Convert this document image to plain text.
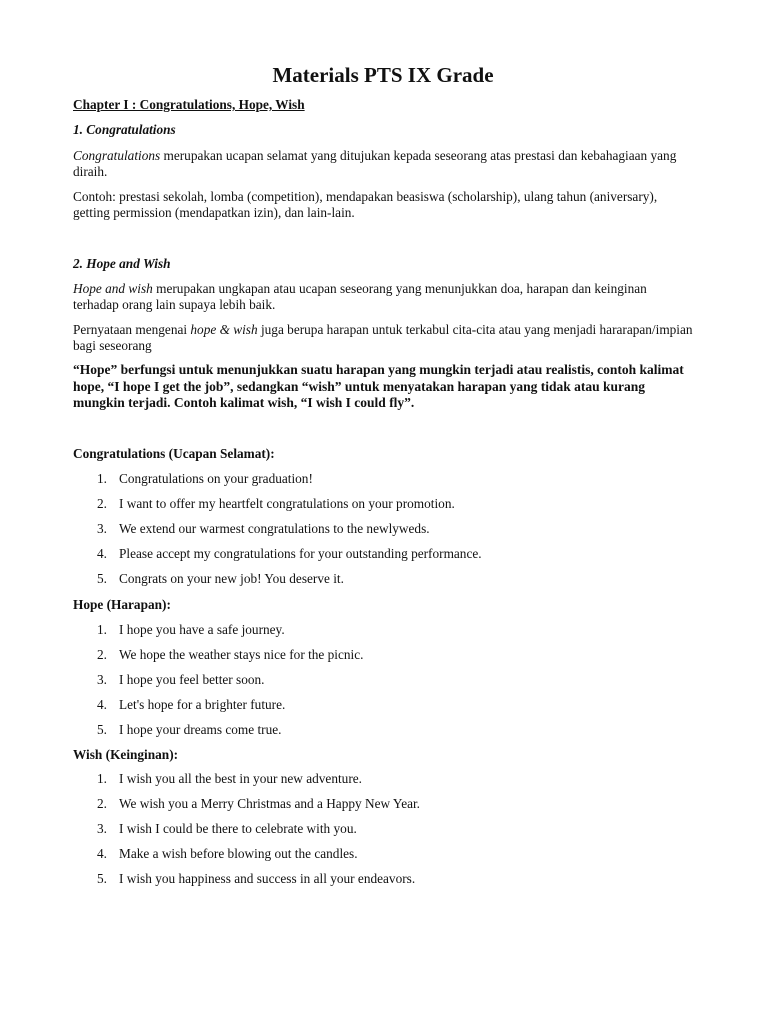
Materials PTS IX Grade

Chapter I : Congratulations, Hope, Wish

1. Congratulations

Congratulations merupakan ucapan selamat yang ditujukan kepada seseorang atas prestasi dan kebahagiaan yang diraih.

Contoh: prestasi sekolah, lomba (competition), mendapakan beasiswa (scholarship), ulang tahun (aniversary), getting permission (mendapatkan izin), dan lain-lain.

2. Hope and Wish

Hope and wish merupakan ungkapan atau ucapan seseorang yang menunjukkan doa, harapan dan keinginan terhadap orang lain supaya lebih baik.

Pernyataan mengenai hope & wish juga berupa harapan untuk terkabul cita-cita atau yang menjadi hararapan/impian bagi seseorang

“Hope” berfungsi untuk menunjukkan suatu harapan yang mungkin terjadi atau realistis, contoh kalimat hope, “I hope I get the job”, sedangkan “wish” untuk menyatakan harapan yang tidak atau kurang mungkin terjadi. Contoh kalimat wish, “I wish I could fly”.

Congratulations (Ucapan Selamat):

1. Congratulations on your graduation!
2. I want to offer my heartfelt congratulations on your promotion.
3. We extend our warmest congratulations to the newlyweds.
4. Please accept my congratulations for your outstanding performance.
5. Congrats on your new job! You deserve it.

Hope (Harapan):

1. I hope you have a safe journey.
2. We hope the weather stays nice for the picnic.
3. I hope you feel better soon.
4. Let's hope for a brighter future.
5. I hope your dreams come true.

Wish (Keinginan):

1. I wish you all the best in your new adventure.
2. We wish you a Merry Christmas and a Happy New Year.
3. I wish I could be there to celebrate with you.
4. Make a wish before blowing out the candles.
5. I wish you happiness and success in all your endeavors.
